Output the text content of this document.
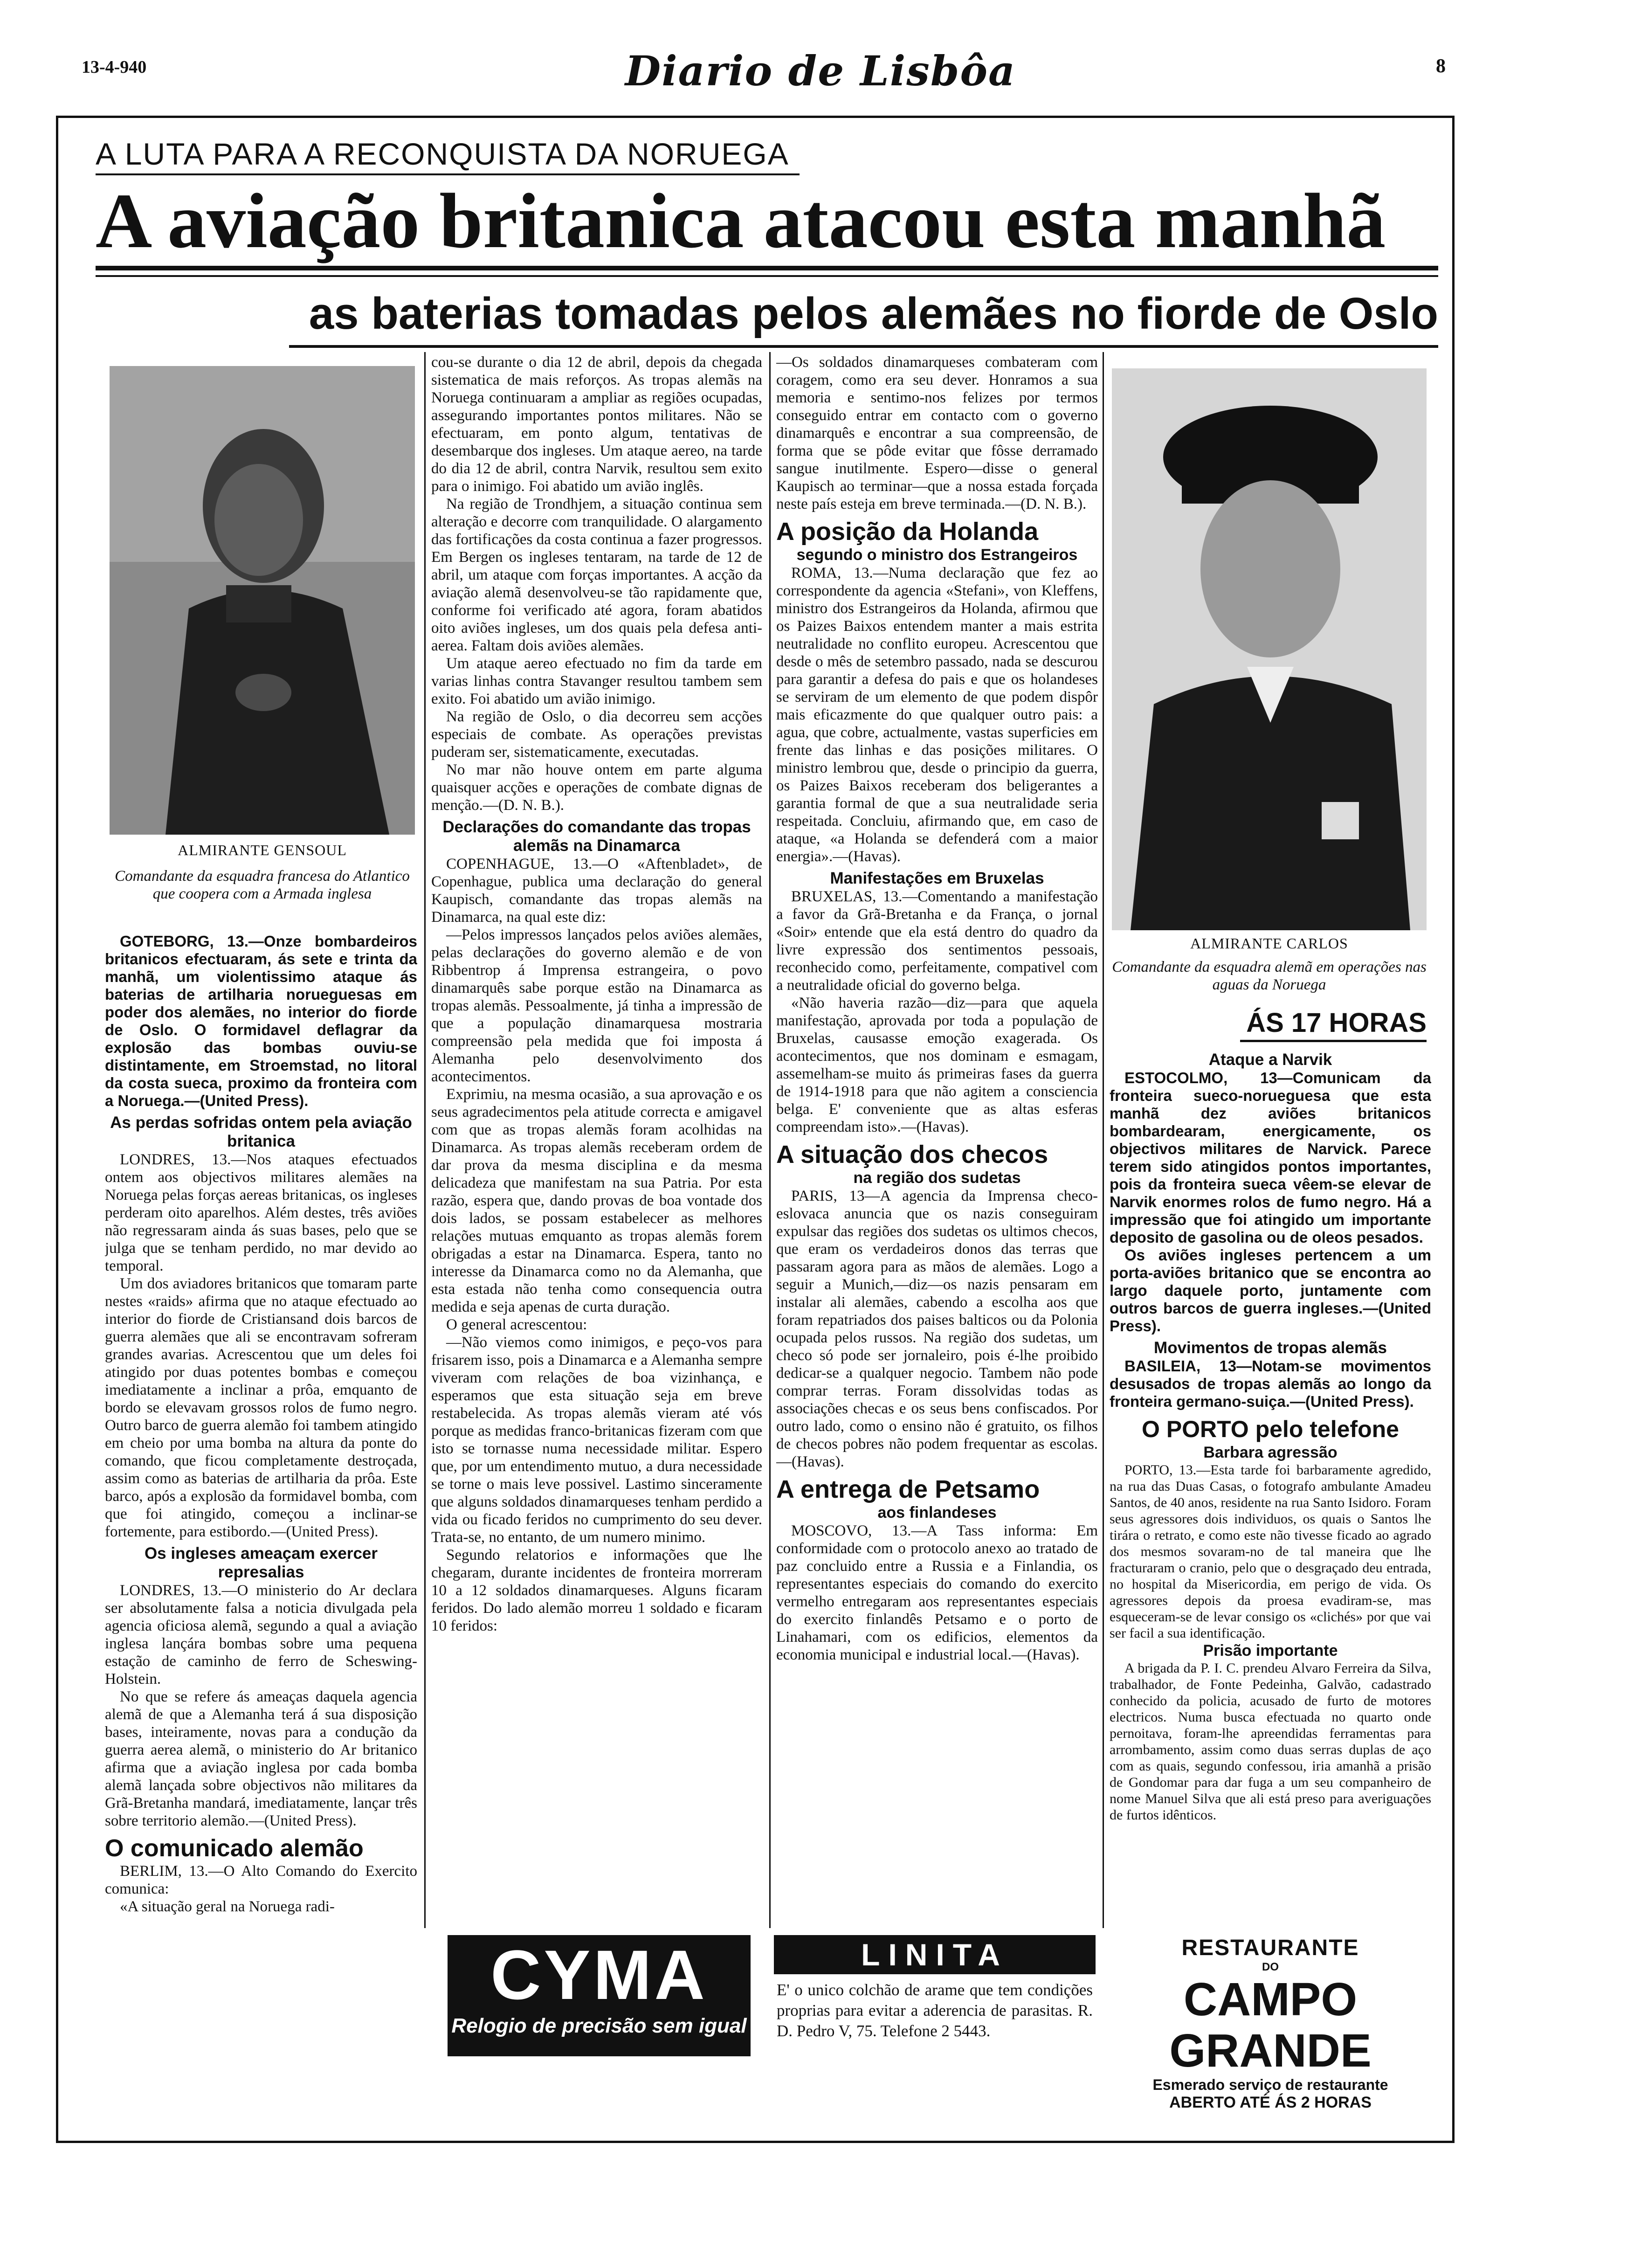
13-4-940	Diario de Lisbôa	8
A LUTA PARA A RECONQUISTA DA NORUEGA
A aviação britanica atacou esta manhã
as baterias tomadas pelos alemães no fiorde de Oslo
ALMIRANTE GENSOUL
Comandante da esquadra francesa do Atlantico que coopera com a Armada inglesa
ALMIRANTE CARLOS
Comandante da esquadra alemã em operações nas aguas da Noruega

GOTEBORG, 13.—Onze bombardeiros britanicos efectuaram, ás sete e trinta da manhã, um violentissimo ataque ás baterias de artilharia norueguesas em poder dos alemães, no interior do fiorde de Oslo. O formidavel deflagrar da explosão das bombas ouviu-se distintamente, em Stroemstad, no litoral da costa sueca, proximo da fronteira com a Noruega.—(United Press).

As perdas sofridas ontem pela aviação britanica

LONDRES, 13.—Nos ataques efectuados ontem aos objectivos militares alemães na Noruega pelas forças aereas britanicas, os ingleses perderam oito aparelhos. Além destes, três aviões não regressaram ainda ás suas bases, pelo que se julga que se tenham perdido, no mar devido ao temporal.

Um dos aviadores britanicos que tomaram parte nestes «raids» afirma que no ataque efectuado ao interior do fiorde de Cristiansand dois barcos de guerra alemães que ali se encontravam sofreram grandes avarias. Acrescentou que um deles foi atingido por duas potentes bombas e começou imediatamente a inclinar a prôa, emquanto de bordo se elevavam grossos rolos de fumo negro. Outro barco de guerra alemão foi tambem atingido em cheio por uma bomba na altura da ponte do comando, que ficou completamente destroçada, assim como as baterias de artilharia da prôa. Este barco, após a explosão da formidavel bomba, com que foi atingido, começou a inclinar-se fortemente, para estibordo.—(United Press).

Os ingleses ameaçam exercer represalias

LONDRES, 13.—O ministerio do Ar declara ser absolutamente falsa a noticia divulgada pela agencia oficiosa alemã, segundo a qual a aviação inglesa lançára bombas sobre uma pequena estação de caminho de ferro de Scheswing-Holstein.

No que se refere ás ameaças daquela agencia alemã de que a Alemanha terá á sua disposição bases, inteiramente, novas para a condução da guerra aerea alemã, o ministerio do Ar britanico afirma que a aviação inglesa por cada bomba alemã lançada sobre objectivos não militares da Grã-Bretanha mandará, imediatamente, lançar três sobre territorio alemão.—(United Press).

O comunicado alemão

BERLIM, 13.—O Alto Comando do Exercito comunica:

«A situação geral na Noruega radi-

cou-se durante o dia 12 de abril, depois da chegada sistematica de mais reforços. As tropas alemãs na Noruega continuaram a ampliar as regiões ocupadas, assegurando importantes pontos militares. Não se efectuaram, em ponto algum, tentativas de desembarque dos ingleses. Um ataque aereo, na tarde do dia 12 de abril, contra Narvik, resultou sem exito para o inimigo. Foi abatido um avião inglês.

Na região de Trondhjem, a situação continua sem alteração e decorre com tranquilidade. O alargamento das fortificações da costa continua a fazer progressos. Em Bergen os ingleses tentaram, na tarde de 12 de abril, um ataque com forças importantes. A acção da aviação alemã desenvolveu-se tão rapidamente que, conforme foi verificado até agora, foram abatidos oito aviões ingleses, um dos quais pela defesa anti-aerea. Faltam dois aviões alemães.

Um ataque aereo efectuado no fim da tarde em varias linhas contra Stavanger resultou tambem sem exito. Foi abatido um avião inimigo.

Na região de Oslo, o dia decorreu sem acções especiais de combate. As operações previstas puderam ser, sistematicamente, executadas.

No mar não houve ontem em parte alguma quaisquer acções e operações de combate dignas de menção.—(D. N. B.).

Declarações do comandante das tropas alemãs na Dinamarca

COPENHAGUE, 13.—O «Aftenbladet», de Copenhague, publica uma declaração do general Kaupisch, comandante das tropas alemãs na Dinamarca, na qual este diz:

—Pelos impressos lançados pelos aviões alemães, pelas declarações do governo alemão e de von Ribbentrop á Imprensa estrangeira, o povo dinamarquês sabe porque estão na Dinamarca as tropas alemãs. Pessoalmente, já tinha a impressão de que a população dinamarquesa mostraria compreensão pela medida que foi imposta á Alemanha pelo desenvolvimento dos acontecimentos.

Exprimiu, na mesma ocasião, a sua aprovação e os seus agradecimentos pela atitude correcta e amigavel com que as tropas alemãs foram acolhidas na Dinamarca. As tropas alemãs receberam ordem de dar prova da mesma disciplina e da mesma delicadeza que manifestam na sua Patria. Por esta razão, espera que, dando provas de boa vontade dos dois lados, se possam estabelecer as melhores relações mutuas emquanto as tropas alemãs forem obrigadas a estar na Dinamarca. Espera, tanto no interesse da Dinamarca como no da Alemanha, que esta estada não tenha como consequencia outra medida e seja apenas de curta duração.

O general acrescentou:

—Não viemos como inimigos, e peço-vos para frisarem isso, pois a Dinamarca e a Alemanha sempre viveram com relações de boa vizinhança, e esperamos que esta situação seja em breve restabelecida. As tropas alemãs vieram até vós porque as medidas franco-britanicas fizeram com que isto se tornasse numa necessidade militar. Espero que, por um entendimento mutuo, a dura necessidade se torne o mais leve possivel. Lastimo sinceramente que alguns soldados dinamarqueses tenham perdido a vida ou ficado feridos no cumprimento do seu dever. Trata-se, no entanto, de um numero minimo.

Segundo relatorios e informações que lhe chegaram, durante incidentes de fronteira morreram 10 a 12 soldados dinamarqueses. Alguns ficaram feridos. Do lado alemão morreu 1 soldado e ficaram 10 feridos:

—Os soldados dinamarqueses combateram com coragem, como era seu dever. Honramos a sua memoria e sentimo-nos felizes por termos conseguido entrar em contacto com o governo dinamarquês e encontrar a sua compreensão, de forma que se pôde evitar que fôsse derramado sangue inutilmente. Espero—disse o general Kaupisch ao terminar—que a nossa estada forçada neste país esteja em breve terminada.—(D. N. B.).

A posição da Holanda

segundo o ministro dos Estrangeiros

ROMA, 13.—Numa declaração que fez ao correspondente da agencia «Stefani», von Kleffens, ministro dos Estrangeiros da Holanda, afirmou que os Paizes Baixos entendem manter a mais estrita neutralidade no conflito europeu. Acrescentou que desde o mês de setembro passado, nada se descurou para garantir a defesa do pais e que os holandeses se serviram de um elemento de que podem dispôr mais eficazmente do que qualquer outro pais: a agua, que cobre, actualmente, vastas superficies em frente das linhas e das posições militares. O ministro lembrou que, desde o principio da guerra, os Paizes Baixos receberam dos beligerantes a garantia formal de que a sua neutralidade seria respeitada. Concluiu, afirmando que, em caso de ataque, «a Holanda se defenderá com a maior energia».—(Havas).

Manifestações em Bruxelas

BRUXELAS, 13.—Comentando a manifestação a favor da Grã-Bretanha e da França, o jornal «Soir» entende que ela está dentro do quadro da livre expressão dos sentimentos pessoais, reconhecido como, perfeitamente, compativel com a neutralidade oficial do governo belga.

«Não haveria razão—diz—para que aquela manifestação, aprovada por toda a população de Bruxelas, causasse emoção exagerada. Os acontecimentos, que nos dominam e esmagam, assemelham-se muito ás primeiras fases da guerra de 1914-1918 para que não agitem a consciencia belga. E' conveniente que as altas esferas compreendam isto».—(Havas).

A situação dos checos

na região dos sudetas

PARIS, 13—A agencia da Imprensa checo-eslovaca anuncia que os nazis conseguiram expulsar das regiões dos sudetas os ultimos checos, que eram os verdadeiros donos das terras que passaram agora para as mãos de alemães. Logo a seguir a Munich,—diz—os nazis pensaram em instalar ali alemães, cabendo a escolha aos que foram repatriados dos paises balticos ou da Polonia ocupada pelos russos. Na região dos sudetas, um checo só pode ser jornaleiro, pois é-lhe proibido dedicar-se a qualquer negocio. Tambem não pode comprar terras. Foram dissolvidas todas as associações checas e os seus bens confiscados. Por outro lado, como o ensino não é gratuito, os filhos de checos pobres não podem frequentar as escolas.—(Havas).

A entrega de Petsamo

aos finlandeses

MOSCOVO, 13.—A Tass informa: Em conformidade com o protocolo anexo ao tratado de paz concluido entre a Russia e a Finlandia, os representantes especiais do comando do exercito vermelho entregaram aos representantes especiais do exercito finlandês Petsamo e o porto de Linahamari, com os edificios, elementos da economia municipal e industrial local.—(Havas).

ÁS 17 HORAS

Ataque a Narvik

ESTOCOLMO, 13—Comunicam da fronteira sueco-norueguesa que esta manhã dez aviões britanicos bombardearam, energicamente, os objectivos militares de Narvick. Parece terem sido atingidos pontos importantes, pois da fronteira sueca vêem-se elevar de Narvik enormes rolos de fumo negro. Há a impressão que foi atingido um importante deposito de gasolina ou de oleos pesados.

Os aviões ingleses pertencem a um porta-aviões britanico que se encontra ao largo daquele porto, juntamente com outros barcos de guerra ingleses.—(United Press).

Movimentos de tropas alemãs

BASILEIA, 13—Notam-se movimentos desusados de tropas alemãs ao longo da fronteira germano-suiça.—(United Press).

O PORTO pelo telefone

Barbara agressão

PORTO, 13.—Esta tarde foi barbaramente agredido, na rua das Duas Casas, o fotografo ambulante Amadeu Santos, de 40 anos, residente na rua Santo Isidoro. Foram seus agressores dois individuos, os quais o Santos lhe tirára o retrato, e como este não tivesse ficado ao agrado dos mesmos sovaram-no de tal maneira que lhe fracturaram o cranio, pelo que o desgraçado deu entrada, no hospital da Misericordia, em perigo de vida. Os agressores depois da proesa evadiram-se, mas esqueceram-se de levar consigo os «clichés» por que vai ser facil a sua identificação.

Prisão importante

A brigada da P. I. C. prendeu Alvaro Ferreira da Silva, trabalhador, de Fonte Pedeinha, Galvão, cadastrado conhecido da policia, acusado de furto de motores electricos. Numa busca efectuada no quarto onde pernoitava, foram-lhe apreendidas ferramentas para arrombamento, assim como duas serras duplas de aço com as quais, segundo confessou, iria amanhã a prisão de Gondomar para dar fuga a um seu companheiro de nome Manuel Silva que ali está preso para averiguações de furtos idênticos.

CYMA
Relogio de precisão sem igual
LINITA
E' o unico colchão de arame que tem condições proprias para evitar a aderencia de parasitas. R. D. Pedro V, 75. Telefone 2 5443.
RESTAURANTE
DO
CAMPO GRANDE
Esmerado serviço de restaurante
ABERTO ATÉ ÁS 2 HORAS
